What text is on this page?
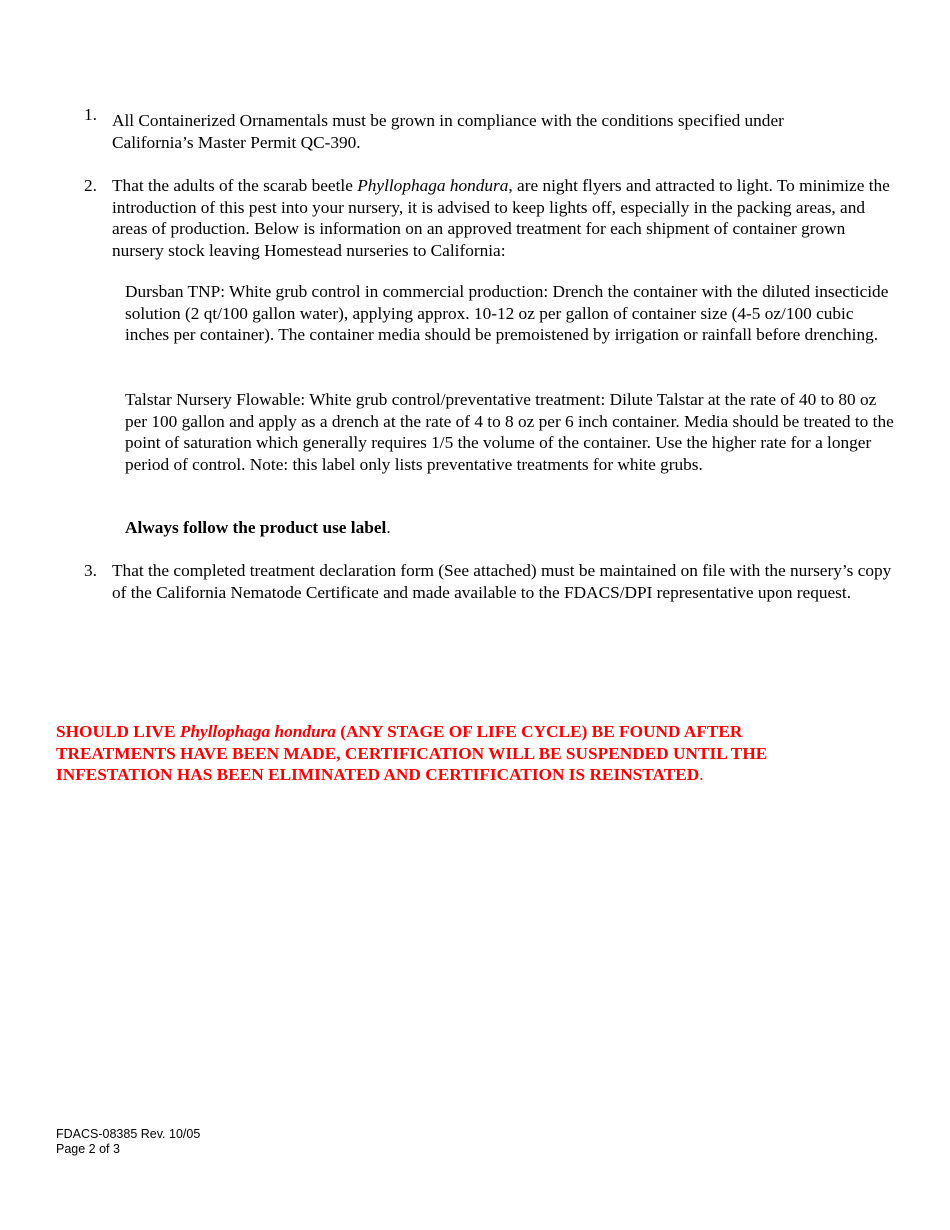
1. All Containerized Ornamentals must be grown in compliance with the conditions specified under
California’s Master Permit QC-390.
2. That the adults of the scarab beetle Phyllophaga hondura, are night flyers and attracted to light. To minimize the introduction of this pest into your nursery, it is advised to keep lights off, especially in the packing areas, and areas of production. Below is information on an approved treatment for each shipment of container grown nursery stock leaving Homestead nurseries to California:
Dursban TNP: White grub control in commercial production: Drench the container with the diluted insecticide solution (2 qt/100 gallon water), applying approx. 10-12 oz per gallon of container size (4-5 oz/100 cubic inches per container). The container media should be premoistened by irrigation or rainfall before drenching.
Talstar Nursery Flowable: White grub control/preventative treatment: Dilute Talstar at the rate of 40 to 80 oz per 100 gallon and apply as a drench at the rate of 4 to 8 oz per 6 inch container. Media should be treated to the point of saturation which generally requires 1/5 the volume of the container. Use the higher rate for a longer period of control. Note: this label only lists preventative treatments for white grubs.
Always follow the product use label.
3. That the completed treatment declaration form (See attached) must be maintained on file with the nursery’s copy of the California Nematode Certificate and made available to the FDACS/DPI representative upon request.
SHOULD LIVE Phyllophaga hondura (ANY STAGE OF LIFE CYCLE) BE FOUND AFTER TREATMENTS HAVE BEEN MADE, CERTIFICATION WILL BE SUSPENDED UNTIL THE INFESTATION HAS BEEN ELIMINATED AND CERTIFICATION IS REINSTATED.
FDACS-08385 Rev. 10/05
Page 2 of 3
